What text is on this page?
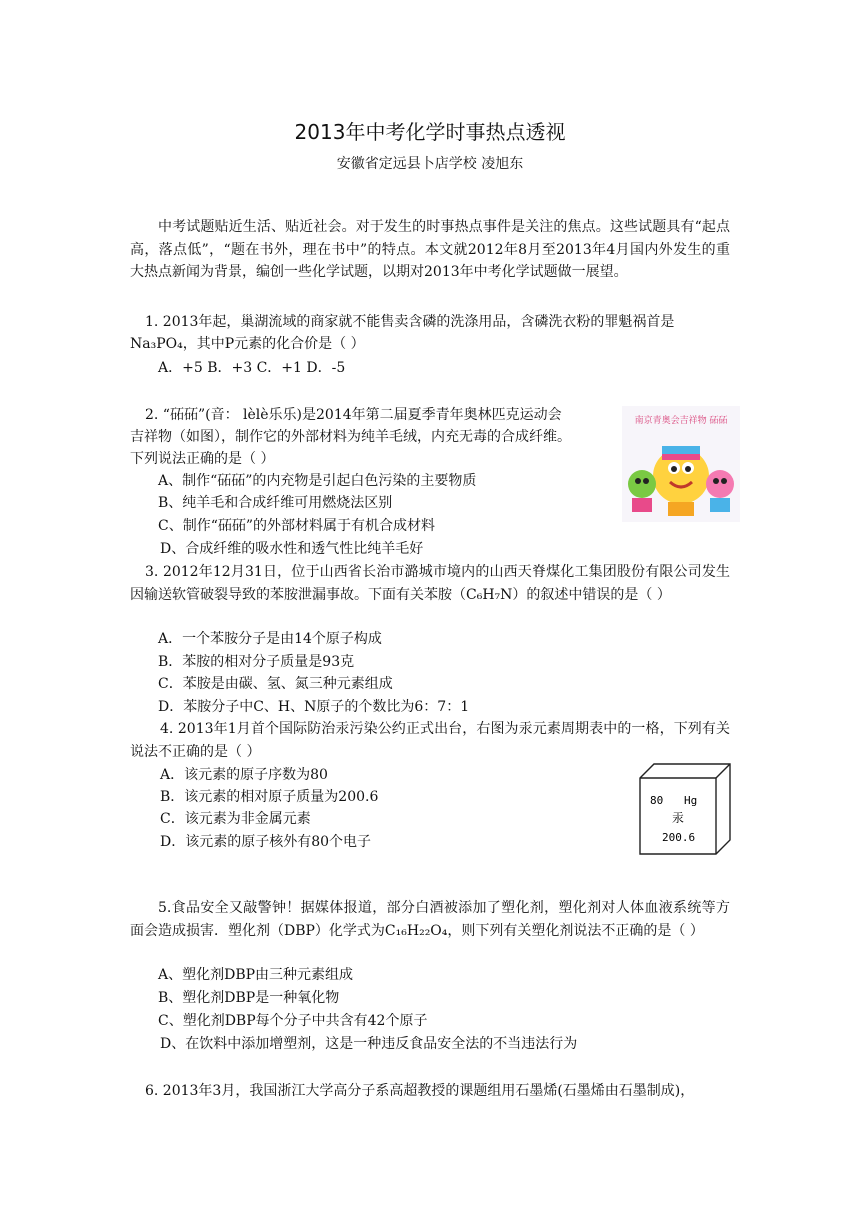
2013年中考化学时事热点透视
安徽省定远县卜店学校 凌旭东
中考试题贴近生活、贴近社会。对于发生的时事热点事件是关注的焦点。这些试题具有“起点高，落点低”，“题在书外，理在书中”的特点。本文就2012年8月至2013年4月国内外发生的重大热点新闻为背景，编创一些化学试题，以期对2013年中考化学试题做一展望。
1. 2013年起，巢湖流域的商家就不能售卖含磷的洗涤用品，含磷洗衣粉的罪魁祸首是
Na₃PO₄，其中P元素的化合价是（ ）
A．+5 B．+3 C．+1 D．-5
2. “砳砳”(音： lèlè乐乐)是2014年第二届夏季青年奥林匹克运动会
吉祥物（如图），制作它的外部材料为纯羊毛绒，内充无毒的合成纤维。
下列说法正确的是（ ）
A、制作“砳砳”的内充物是引起白色污染的主要物质
B、纯羊毛和合成纤维可用燃烧法区别
C、制作“砳砳”的外部材料属于有机合成材料
D、合成纤维的吸水性和透气性比纯羊毛好
南京青奥会吉祥物 砳砳
3. 2012年12月31日，位于山西省长治市潞城市境内的山西天脊煤化工集团股份有限公司发生因输送软管破裂导致的苯胺泄漏事故。下面有关苯胺（C₆H₇N）的叙述中错误的是（ ）
A．一个苯胺分子是由14个原子构成
B．苯胺的相对分子质量是93克
C．苯胺是由碳、氢、氮三种元素组成
D．苯胺分子中C、H、N原子的个数比为6：7：1
4. 2013年1月首个国际防治汞污染公约正式出台，右图为汞元素周期表中的一格，下列有关说法不正确的是（ ）
A．该元素的原子序数为80
B．该元素的相对原子质量为200.6
C．该元素为非金属元素
D．该元素的原子核外有80个电子
80 Hg
汞
200.6
5.食品安全又敲警钟！据媒体报道，部分白酒被添加了塑化剂，塑化剂对人体血液系统等方面会造成损害．塑化剂（DBP）化学式为C₁₆H₂₂O₄，则下列有关塑化剂说法不正确的是（ ）
A、塑化剂DBP由三种元素组成
B、塑化剂DBP是一种氧化物
C、塑化剂DBP每个分子中共含有42个原子
D、在饮料中添加增塑剂，这是一种违反食品安全法的不当违法行为
6. 2013年3月，我国浙江大学高分子系高超教授的课题组用石墨烯(石墨烯由石墨制成)，
